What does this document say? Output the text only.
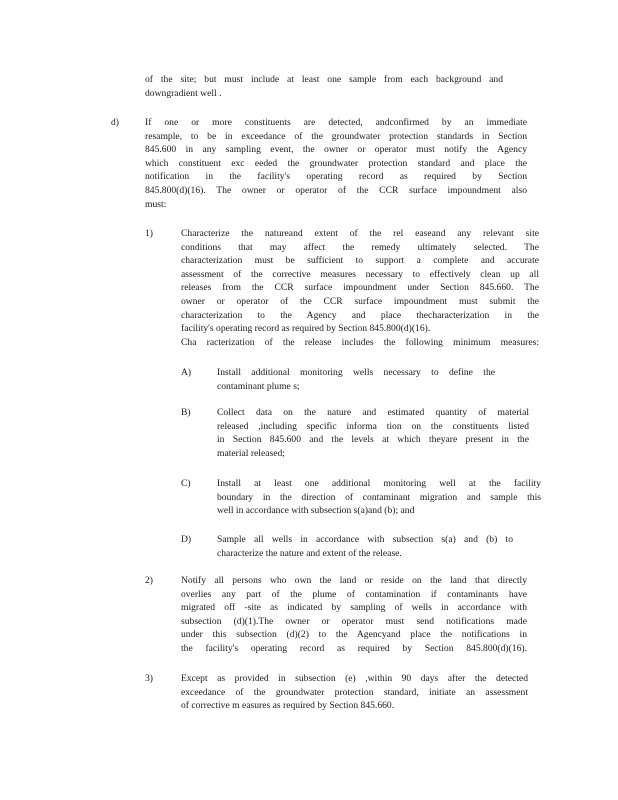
of the site; but must include at least one sample from each background and
downgradient well .
d)	If one or more constituents are detected, andconfirmed by an immediate
resample, to be in exceedance of the groundwater protection standards in Section
845.600 in any sampling event, the owner or operator must notify the Agency
which constituent exc eeded the groundwater protection standard and place the
notification in the facility's operating record as required by Section
845.800(d)(16). The owner or operator of the CCR surface impoundment also
must:
1)	Characterize the natureand extent of the rel easeand any relevant site
conditions that may affect the remedy ultimately selected. The
characterization must be sufficient to support a complete and accurate
assessment of the corrective measures necessary to effectively clean up all
releases from the CCR surface impoundment under Section 845.660. The
owner or operator of the CCR surface impoundment must submit the
characterization to the Agency and place thecharacterization in the
facility's operating record as required by Section 845.800(d)(16).
Cha racterization of the release includes the following minimum measures:
A)	Install additional monitoring wells necessary to define the
contaminant plume s;
B)	Collect data on the nature and estimated quantity of material
released ,including specific informa tion on the constituents listed
in Section 845.600 and the levels at which theyare present in the
material released;
C)	Install at least one additional monitoring well at the facility
boundary in the direction of contaminant migration and sample this
well in accordance with subsection s(a)and (b); and
D)	Sample all wells in accordance with subsection s(a) and (b) to
characterize the nature and extent of the release.
2)	Notify all persons who own the land or reside on the land that directly
overlies any part of the plume of contamination if contaminants have
migrated off -site as indicated by sampling of wells in accordance with
subsection (d)(1).The owner or operator must send notifications made
under this subsection (d)(2) to the Agencyand place the notifications in
the facility's operating record as required by Section 845.800(d)(16).
3)	Except as provided in subsection (e) ,within 90 days after the detected
exceedance of the groundwater protection standard, initiate an assessment
of corrective m easures as required by Section 845.660.
